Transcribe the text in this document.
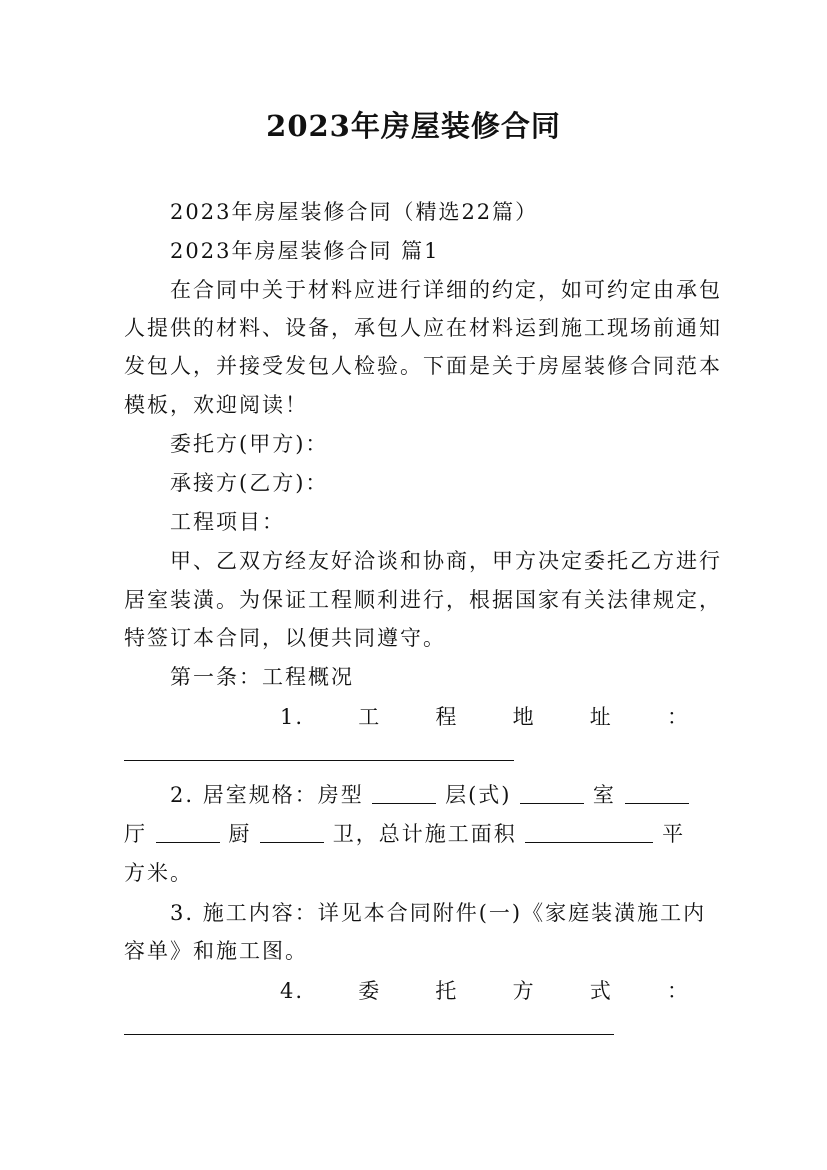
2023年房屋装修合同
2023年房屋装修合同（精选22篇）
2023年房屋装修合同 篇1
在合同中关于材料应进行详细的约定，如可约定由承包
人提供的材料、设备，承包人应在材料运到施工现场前通知
发包人，并接受发包人检验。下面是关于房屋装修合同范本
模板，欢迎阅读！
委托方(甲方)：
承接方(乙方)：
工程项目：
甲、乙双方经友好洽谈和协商，甲方决定委托乙方进行
居室装潢。为保证工程顺利进行，根据国家有关法律规定，
特签订本合同，以便共同遵守。
第一条：工程概况
1.	工	程	地	址	：
2. 居室规格：房型	层(式)	室
厅	厨	卫，总计施工面积	平
方米。
3. 施工内容：详见本合同附件(一)《家庭装潢施工内
容单》和施工图。
4.	委	托	方	式	：
